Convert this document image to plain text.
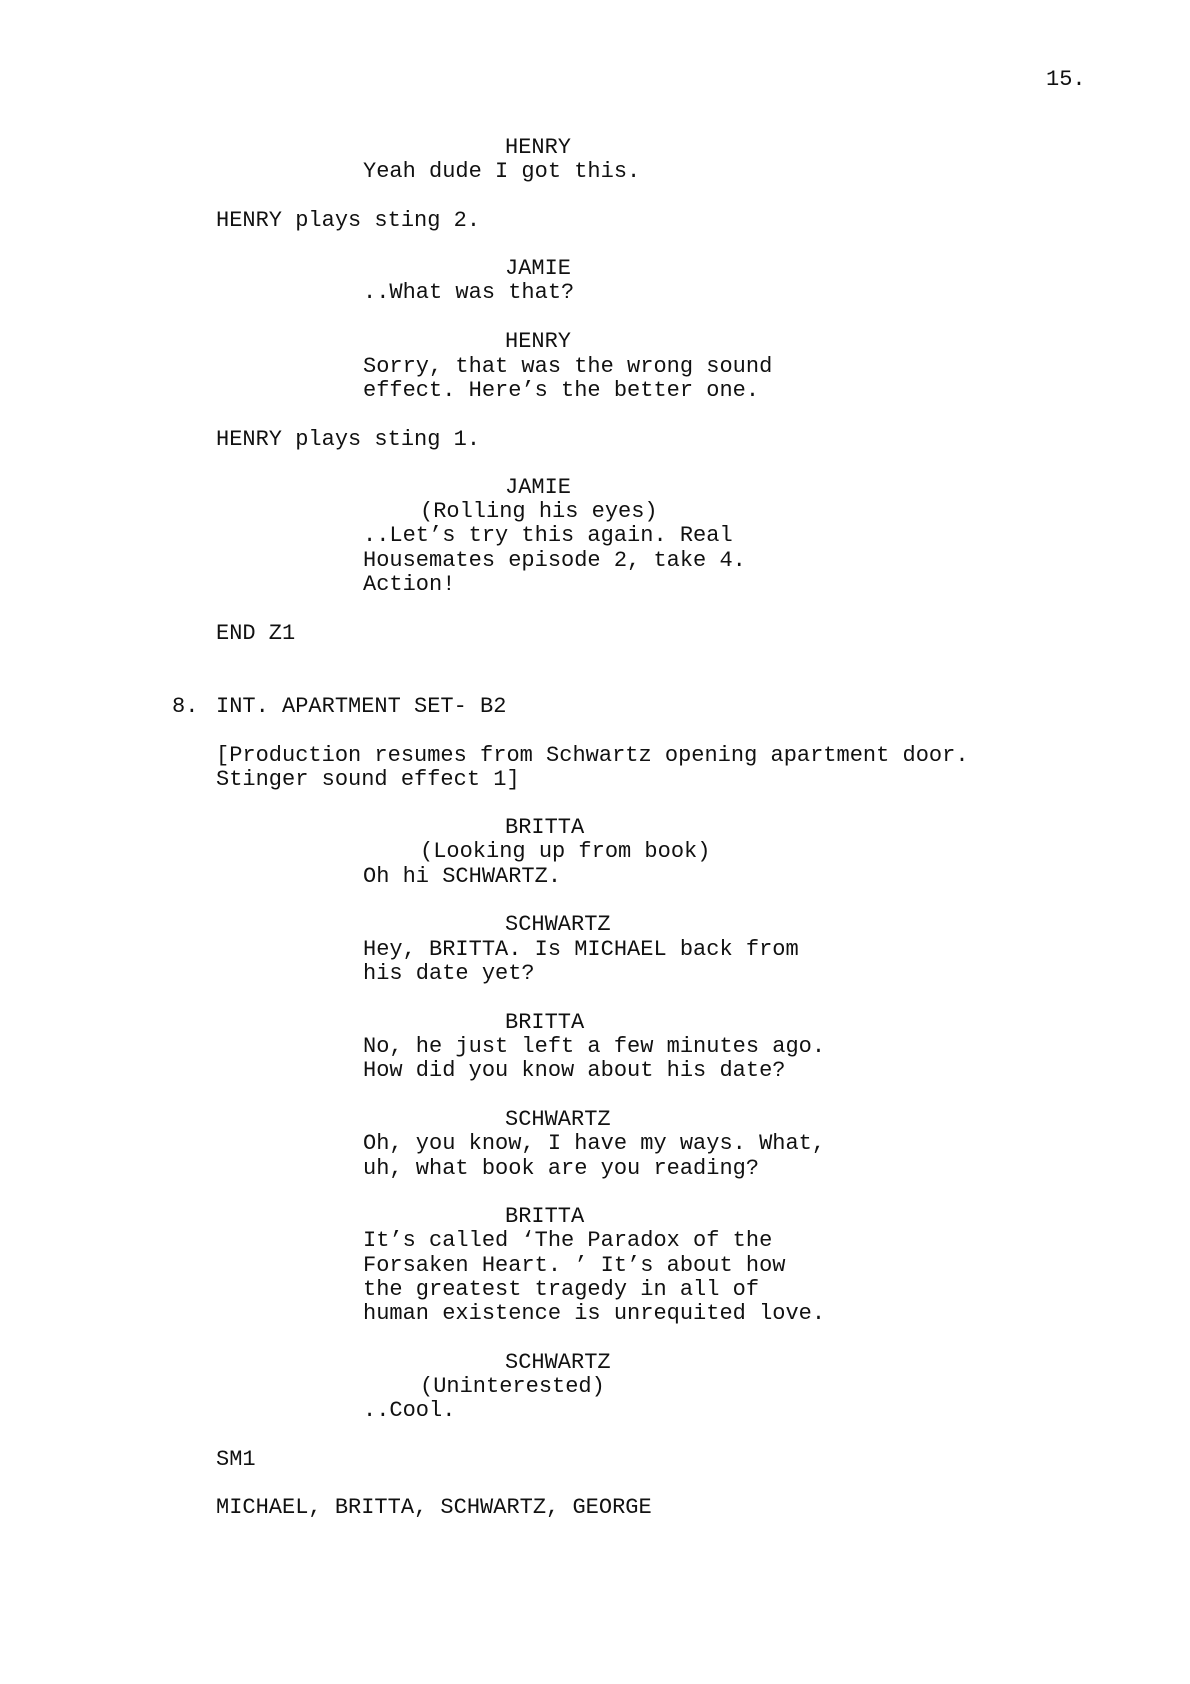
15.

HENRY

Yeah dude I got this.

HENRY plays sting 2.

JAMIE

..What was that?

HENRY

Sorry, that was the wrong sound

effect. Here’s the better one.

HENRY plays sting 1.

JAMIE

(Rolling his eyes)

..Let’s try this again. Real

Housemates episode 2, take 4.

Action!

END Z1

8. INT. APARTMENT SET- B2

[Production resumes from Schwartz opening apartment door.

Stinger sound effect 1]

BRITTA

(Looking up from book)

Oh hi SCHWARTZ.

SCHWARTZ

Hey, BRITTA. Is MICHAEL back from

his date yet?

BRITTA

No, he just left a few minutes ago.

How did you know about his date?

SCHWARTZ

Oh, you know, I have my ways. What,

uh, what book are you reading?

BRITTA

It’s called ‘The Paradox of the

Forsaken Heart. ’ It’s about how

the greatest tragedy in all of

human existence is unrequited love.

SCHWARTZ

(Uninterested)

..Cool.

SM1

MICHAEL, BRITTA, SCHWARTZ, GEORGE
